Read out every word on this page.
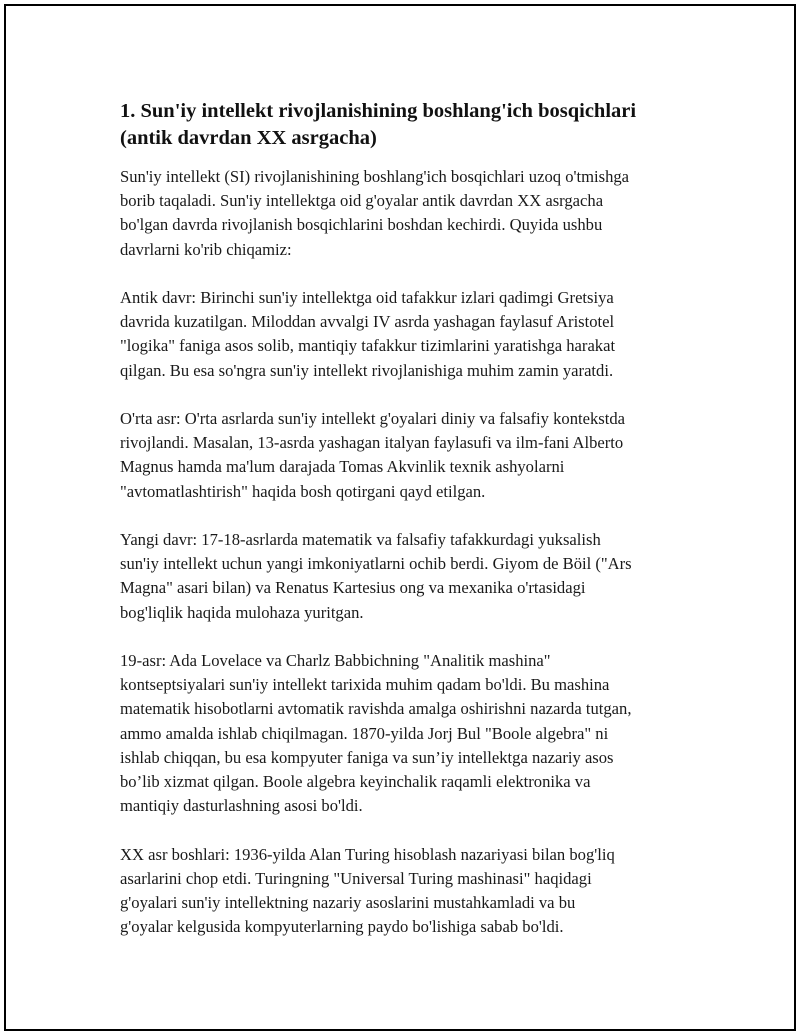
1. Sun'iy intellekt rivojlanishining boshlang'ich bosqichlari
(antik davrdan XX asrgacha)

Sun'iy intellekt (SI) rivojlanishining boshlang'ich bosqichlari uzoq o'tmishga
borib taqaladi. Sun'iy intellektga oid g'oyalar antik davrdan XX asrgacha
bo'lgan davrda rivojlanish bosqichlarini boshdan kechirdi. Quyida ushbu
davrlarni ko'rib chiqamiz:

Antik davr: Birinchi sun'iy intellektga oid tafakkur izlari qadimgi Gretsiya
davrida kuzatilgan. Miloddan avvalgi IV asrda yashagan faylasuf Aristotel
"logika" faniga asos solib, mantiqiy tafakkur tizimlarini yaratishga harakat
qilgan. Bu esa so'ngra sun'iy intellekt rivojlanishiga muhim zamin yaratdi.

O'rta asr: O'rta asrlarda sun'iy intellekt g'oyalari diniy va falsafiy kontekstda
rivojlandi. Masalan, 13-asrda yashagan italyan faylasufi va ilm-fani Alberto
Magnus hamda ma'lum darajada Tomas Akvinlik texnik ashyolarni
"avtomatlashtirish" haqida bosh qotirgani qayd etilgan.

Yangi davr: 17-18-asrlarda matematik va falsafiy tafakkurdagi yuksalish
sun'iy intellekt uchun yangi imkoniyatlarni ochib berdi. Giyom de Böil ("Ars
Magna" asari bilan) va Renatus Kartesius ong va mexanika o'rtasidagi
bog'liqlik haqida mulohaza yuritgan.

19-asr: Ada Lovelace va Charlz Babbichning "Analitik mashina"
kontseptsiyalari sun'iy intellekt tarixida muhim qadam bo'ldi. Bu mashina
matematik hisobotlarni avtomatik ravishda amalga oshirishni nazarda tutgan,
ammo amalda ishlab chiqilmagan. 1870-yilda Jorj Bul "Boole algebra" ni
ishlab chiqqan, bu esa kompyuter faniga va sun’iy intellektga nazariy asos
bo’lib xizmat qilgan. Boole algebra keyinchalik raqamli elektronika va
mantiqiy dasturlashning asosi bo'ldi.

XX asr boshlari: 1936-yilda Alan Turing hisoblash nazariyasi bilan bog'liq
asarlarini chop etdi. Turingning "Universal Turing mashinasi" haqidagi
g'oyalari sun'iy intellektning nazariy asoslarini mustahkamladi va bu
g'oyalar kelgusida kompyuterlarning paydo bo'lishiga sabab bo'ldi.
